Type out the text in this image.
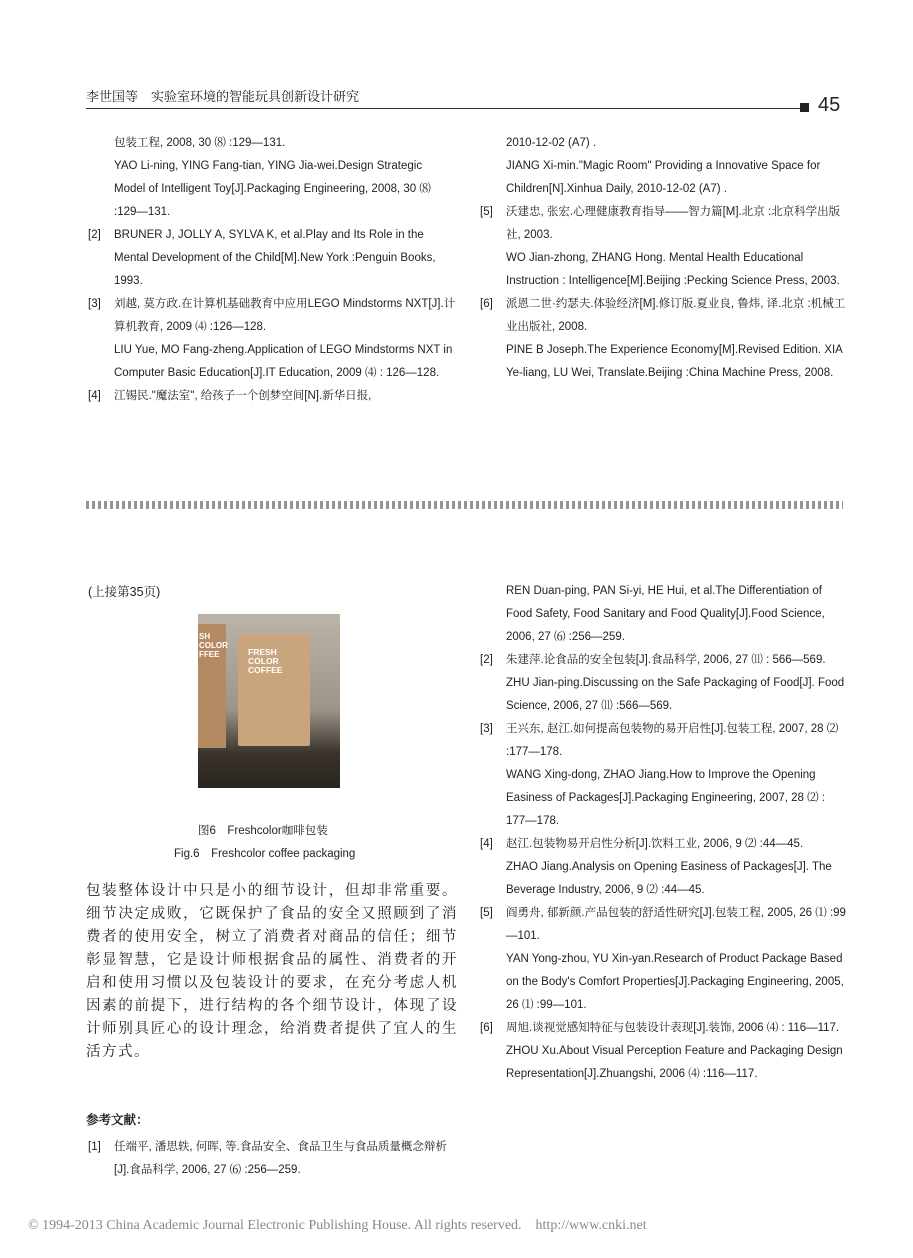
李世国等　实验室环境的智能玩具创新设计研究	45
包装工程, 2008, 30 ⑻ :129—131.
YAO Li-ning, YING Fang-tian, YING Jia-wei.Design Strategic Model of Intelligent Toy[J].Packaging Engineering, 2008, 30 ⑻ :129—131.
[2]	BRUNER J, JOLLY A, SYLVA K, et al.Play and Its Role in the Mental Development of the Child[M].New York :Penguin Books, 1993.
[3]	刘越, 莫方政.在计算机基础教育中应用LEGO Mindstorms NXT[J].计算机教育, 2009 ⑷ :126—128.
LIU Yue, MO Fang-zheng.Application of LEGO Mindstorms NXT in Computer Basic Education[J].IT Education, 2009 ⑷ : 126—128.
[4]	江锡民."魔法室", 给孩子一个创梦空间[N].新华日报,
2010-12-02 (A7) .
JIANG Xi-min."Magic Room" Providing a Innovative Space for Children[N].Xinhua Daily, 2010-12-02 (A7) .
[5]	沃建忠, 张宏.心理健康教育指导——智力篇[M].北京 :北京科学出版社, 2003.
WO Jian-zhong, ZHANG Hong. Mental Health Educational Instruction : Intelligence[M].Beijing :Pecking Science Press, 2003.
[6]	派恩二世·约瑟夫.体验经济[M].修订版.夏业良, 鲁炜, 译.北京 :机械工业出版社, 2008.
PINE B Joseph.The Experience Economy[M].Revised Edition. XIA Ye-liang, LU Wei, Translate.Beijing :China Machine Press, 2008.
(上接第35页)
SH COLOR FFEE	FRESH COLOR COFFEE
图6　Freshcolor咖啡包装
Fig.6　Freshcolor coffee packaging
包装整体设计中只是小的细节设计，但却非常重要。细节决定成败，它既保护了食品的安全又照顾到了消费者的使用安全，树立了消费者对商品的信任；细节彰显智慧，它是设计师根据食品的属性、消费者的开启和使用习惯以及包装设计的要求，在充分考虑人机因素的前提下，进行结构的各个细节设计，体现了设计师别具匠心的设计理念，给消费者提供了宜人的生活方式。
参考文献：
[1]	任端平, 潘思轶, 何晖, 等.食品安全、食品卫生与食品质量概念辩析[J].食品科学, 2006, 27 ⑹ :256—259.
REN Duan-ping, PAN Si-yi, HE Hui, et al.The Differentiation of Food Safety, Food Sanitary and Food Quality[J].Food Science, 2006, 27 ⑹ :256—259.
[2]	朱建萍.论食品的安全包装[J].食品科学, 2006, 27 ⑾ : 566—569.
ZHU Jian-ping.Discussing on the Safe Packaging of Food[J]. Food Science, 2006, 27 ⑾ :566—569.
[3]	王兴东, 赵江.如何提高包装物的易开启性[J].包装工程, 2007, 28 ⑵ :177—178.
WANG Xing-dong, ZHAO Jiang.How to Improve the Opening Easiness of Packages[J].Packaging Engineering, 2007, 28 ⑵ : 177—178.
[4]	赵江.包装物易开启性分析[J].饮料工业, 2006, 9 ⑵ :44—45.
ZHAO Jiang.Analysis on Opening Easiness of Packages[J]. The Beverage Industry, 2006, 9 ⑵ :44—45.
[5]	阎勇舟, 郁新颜.产品包装的舒适性研究[J].包装工程, 2005, 26 ⑴ :99—101.
YAN Yong-zhou, YU Xin-yan.Research of Product Package Based on the Body's Comfort Properties[J].Packaging Engineering, 2005, 26 ⑴ :99—101.
[6]	周旭.谈视觉感知特征与包装设计表现[J].装饰, 2006 ⑷ : 116—117.
ZHOU Xu.About Visual Perception Feature and Packaging Design Representation[J].Zhuangshi, 2006 ⑷ :116—117.
© 1994-2013 China Academic Journal Electronic Publishing House. All rights reserved.　http://www.cnki.net
